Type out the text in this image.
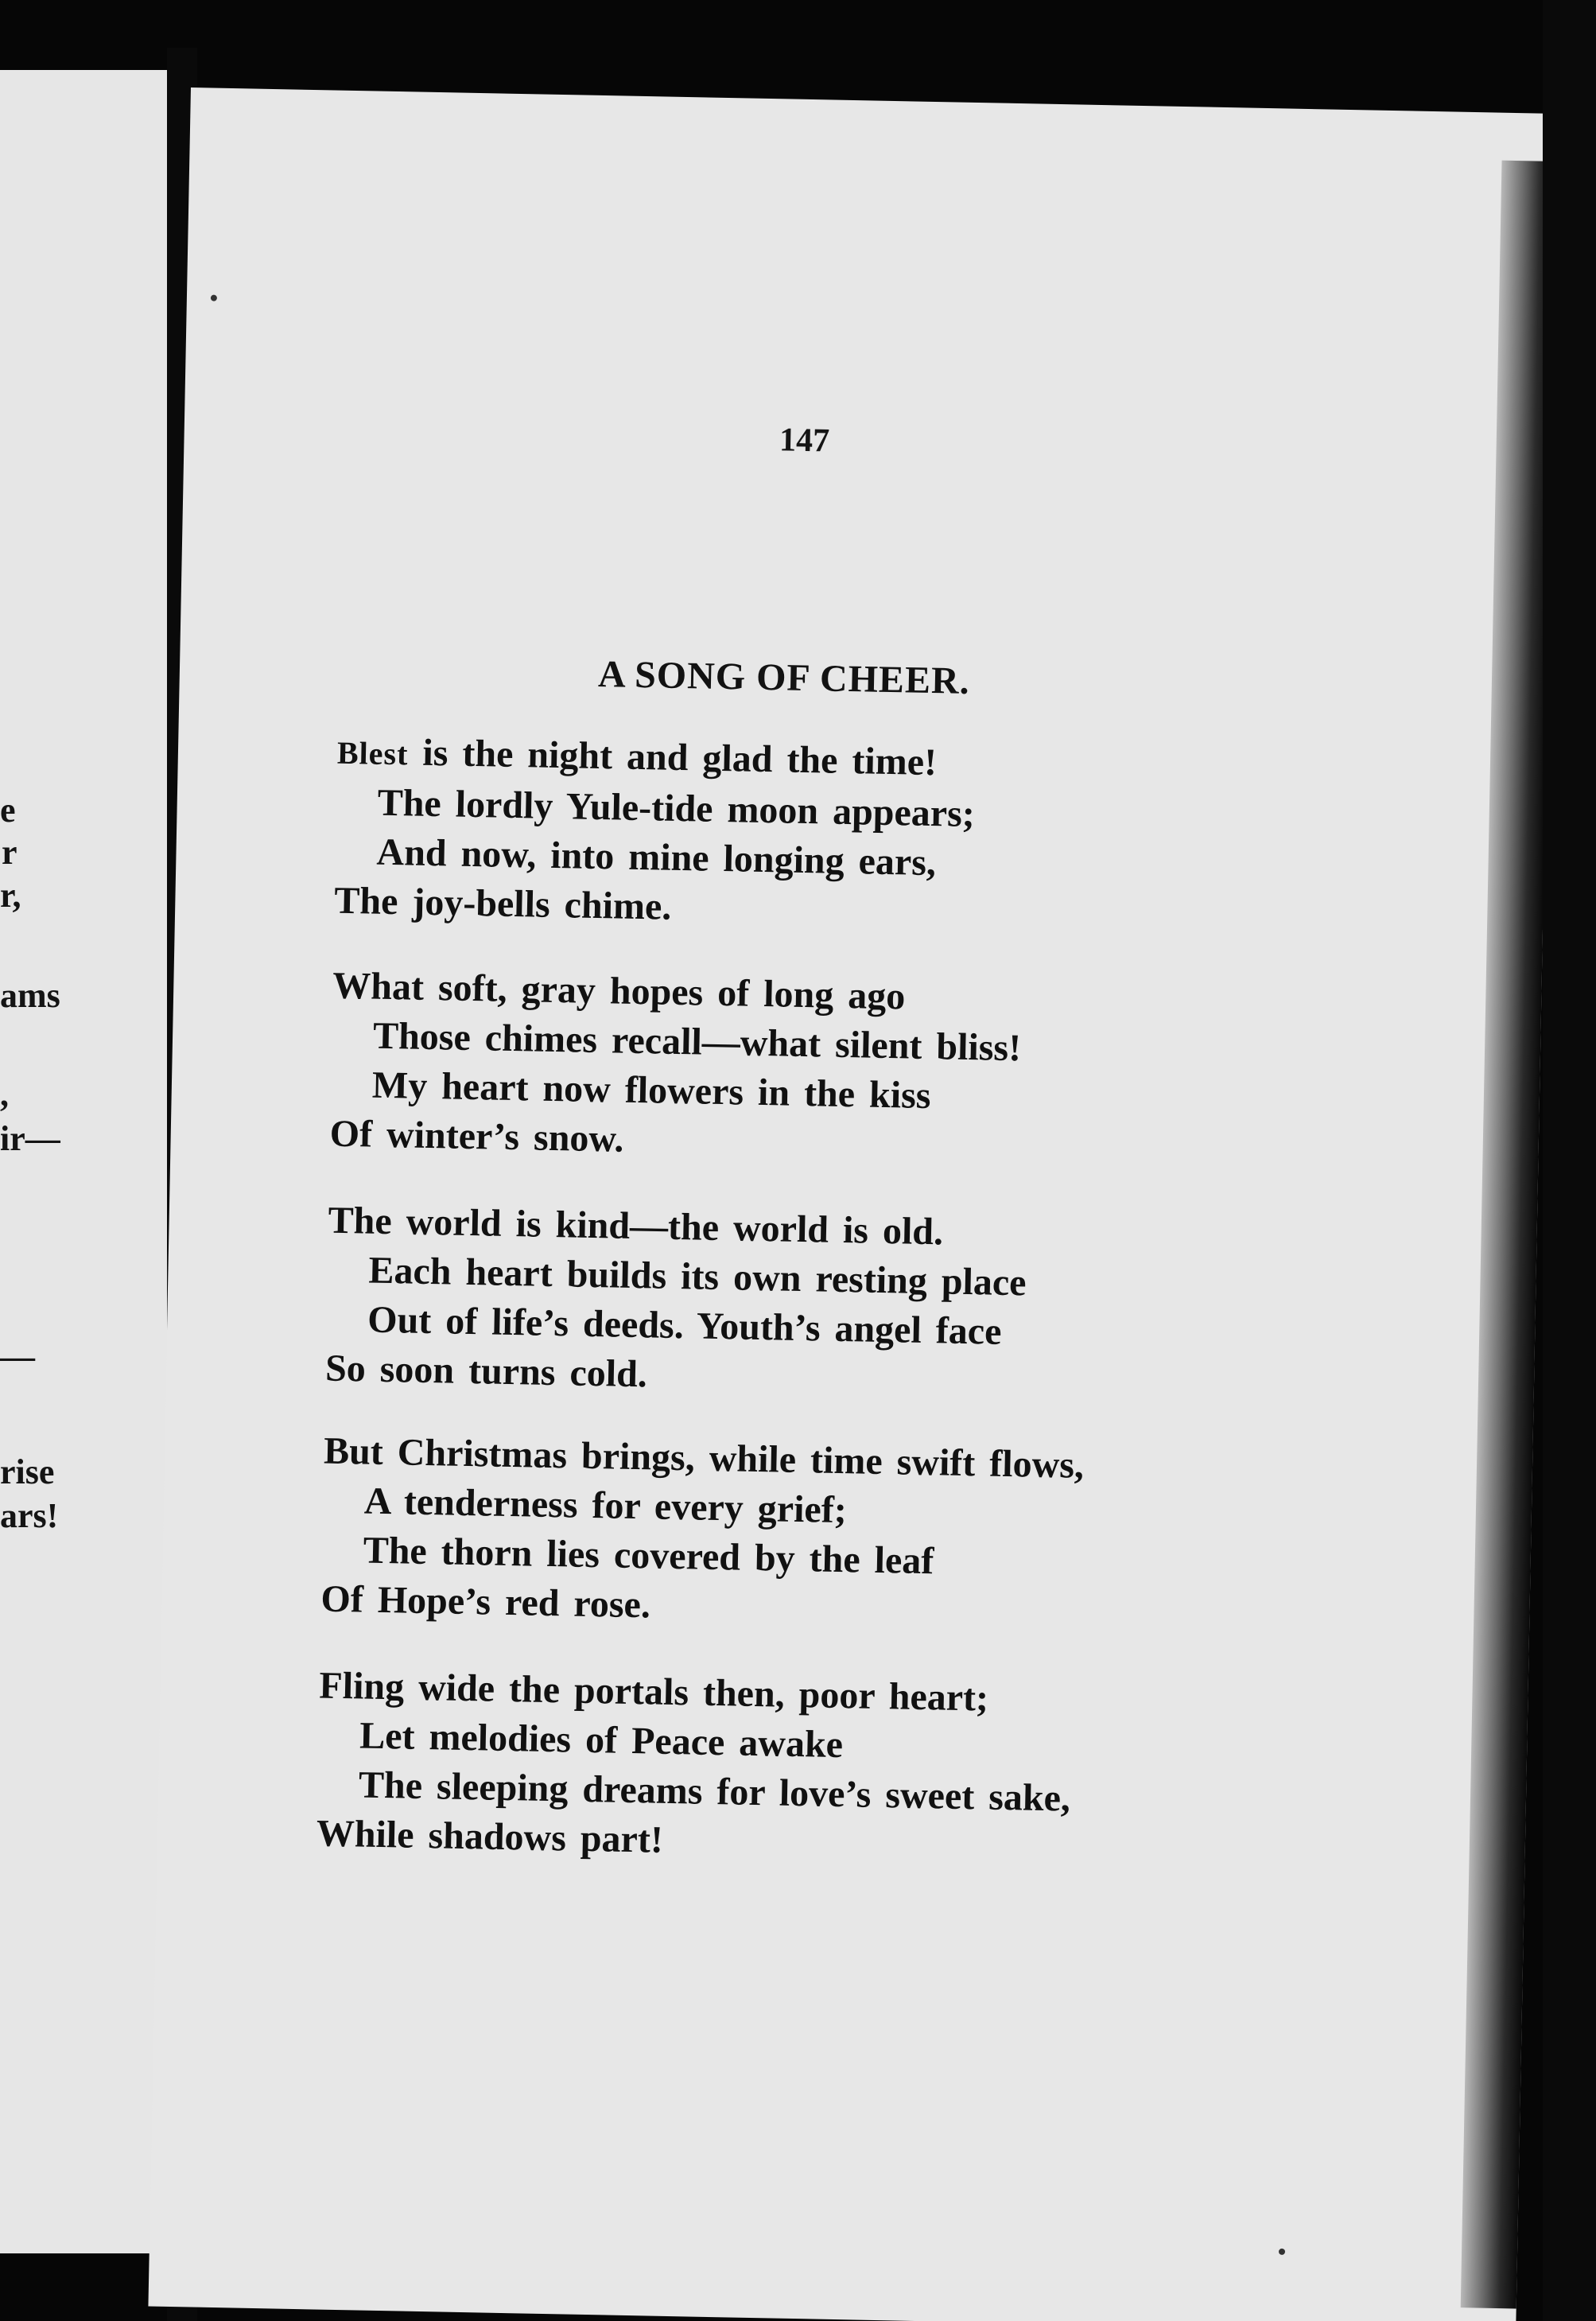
e
r
r,
ams
,
ir—
—
rise
ars!
147
A SONG OF CHEER.
Blest is the night and glad the time!
The lordly Yule-tide moon appears;
And now, into mine longing ears,
The joy-bells chime.
What soft, gray hopes of long ago
Those chimes recall—what silent bliss!
My heart now flowers in the kiss
Of winter’s snow.
The world is kind—the world is old.
Each heart builds its own resting place
Out of life’s deeds. Youth’s angel face
So soon turns cold.
But Christmas brings, while time swift flows,
A tenderness for every grief;
The thorn lies covered by the leaf
Of Hope’s red rose.
Fling wide the portals then, poor heart;
Let melodies of Peace awake
The sleeping dreams for love’s sweet sake,
While shadows part!
